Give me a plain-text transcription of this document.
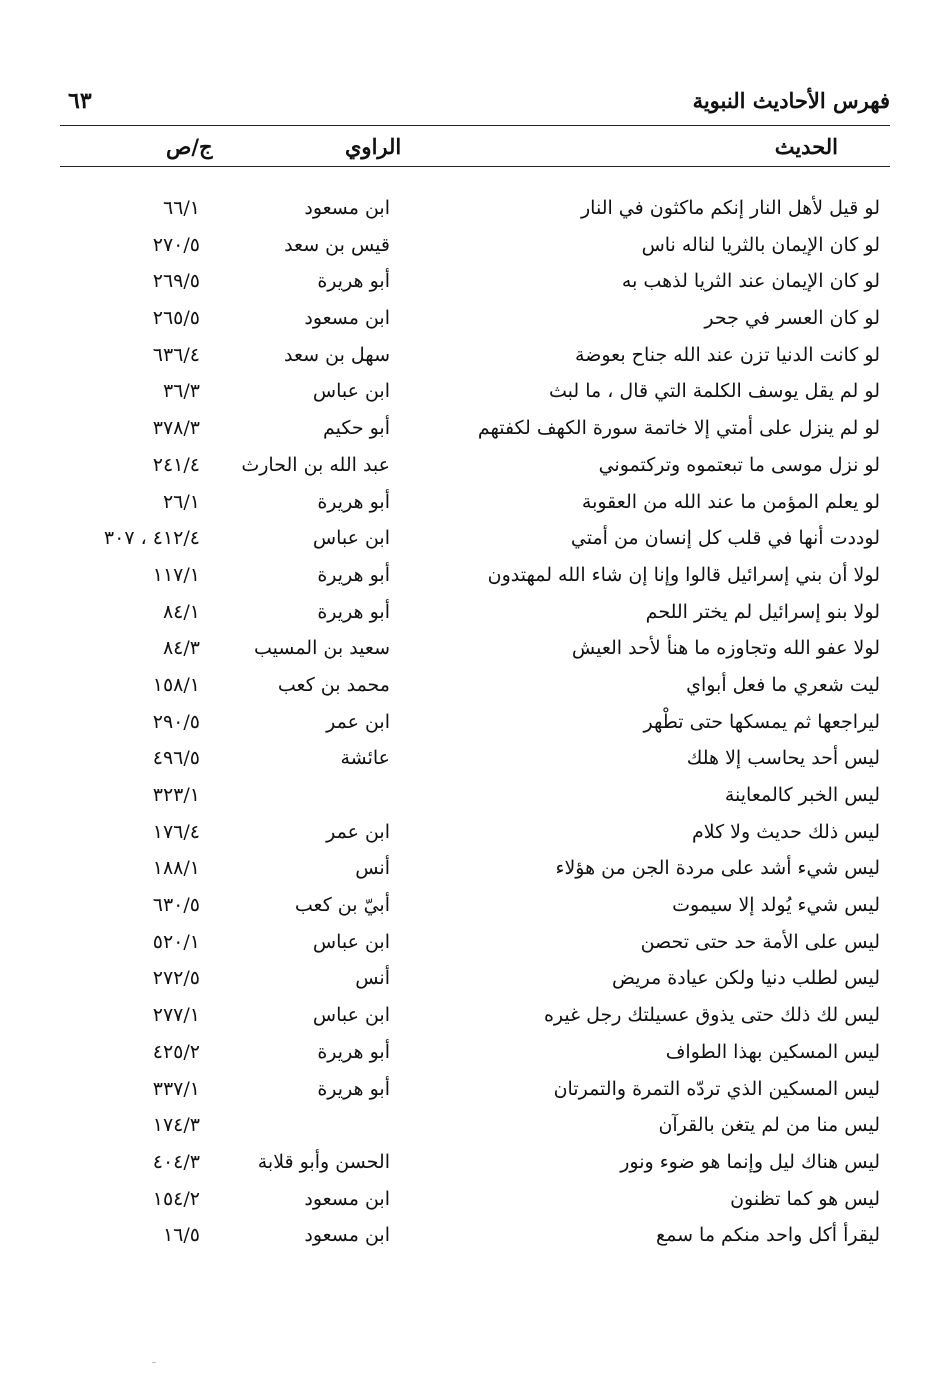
فهرس الأحاديث النبوية
٦٣
الحديث
الراوي
ج/ص
لو قيل لأهل النار إنكم ماكثون في النار
ابن مسعود
٦٦/١
لو كان الإيمان بالثريا لناله ناس
قيس بن سعد
٢٧٠/٥
لو كان الإيمان عند الثريا لذهب به
أبو هريرة
٢٦٩/٥
لو كان العسر في جحر
ابن مسعود
٢٦٥/٥
لو كانت الدنيا تزن عند الله جناح بعوضة
سهل بن سعد
٦٣٦/٤
لو لم يقل يوسف الكلمة التي قال ، ما لبث
ابن عباس
٣٦/٣
لو لم ينزل على أمتي إلا خاتمة سورة الكهف لكفتهم
أبو حكيم
٣٧٨/٣
لو نزل موسى ما تبعتموه وتركتموني
عبد الله بن الحارث
٢٤١/٤
لو يعلم المؤمن ما عند الله من العقوبة
أبو هريرة
٢٦/١
لوددت أنها في قلب كل إنسان من أمتي
ابن عباس
٤١٢/٤ ، ٣٠٧
لولا أن بني إسرائيل قالوا وإنا إن شاء الله لمهتدون
أبو هريرة
١١٧/١
لولا بنو إسرائيل لم يختر اللحم
أبو هريرة
٨٤/١
لولا عفو الله وتجاوزه ما هنأ لأحد العيش
سعيد بن المسيب
٨٤/٣
ليت شعري ما فعل أبواي
محمد بن كعب
١٥٨/١
ليراجعها ثم يمسكها حتى تطْهر
ابن عمر
٢٩٠/٥
ليس أحد يحاسب إلا هلك
عائشة
٤٩٦/٥
ليس الخبر كالمعاينة
٣٢٣/١
ليس ذلك حديث ولا كلام
ابن عمر
١٧٦/٤
ليس شيء أشد على مردة الجن من هؤلاء
أنس
١٨٨/١
ليس شيء يُولد إلا سيموت
أبيّ بن كعب
٦٣٠/٥
ليس على الأمة حد حتى تحصن
ابن عباس
٥٢٠/١
ليس لطلب دنيا ولكن عيادة مريض
أنس
٢٧٢/٥
ليس لك ذلك حتى يذوق عسيلتك رجل غيره
ابن عباس
٢٧٧/١
ليس المسكين بهذا الطواف
أبو هريرة
٤٢٥/٢
ليس المسكين الذي تردّه التمرة والتمرتان
أبو هريرة
٣٣٧/١
ليس منا من لم يتغن بالقرآن
١٧٤/٣
ليس هناك ليل وإنما هو ضوء ونور
الحسن وأبو قلابة
٤٠٤/٣
ليس هو كما تظنون
ابن مسعود
١٥٤/٢
ليقرأ أكل واحد منكم ما سمع
ابن مسعود
١٦/٥
